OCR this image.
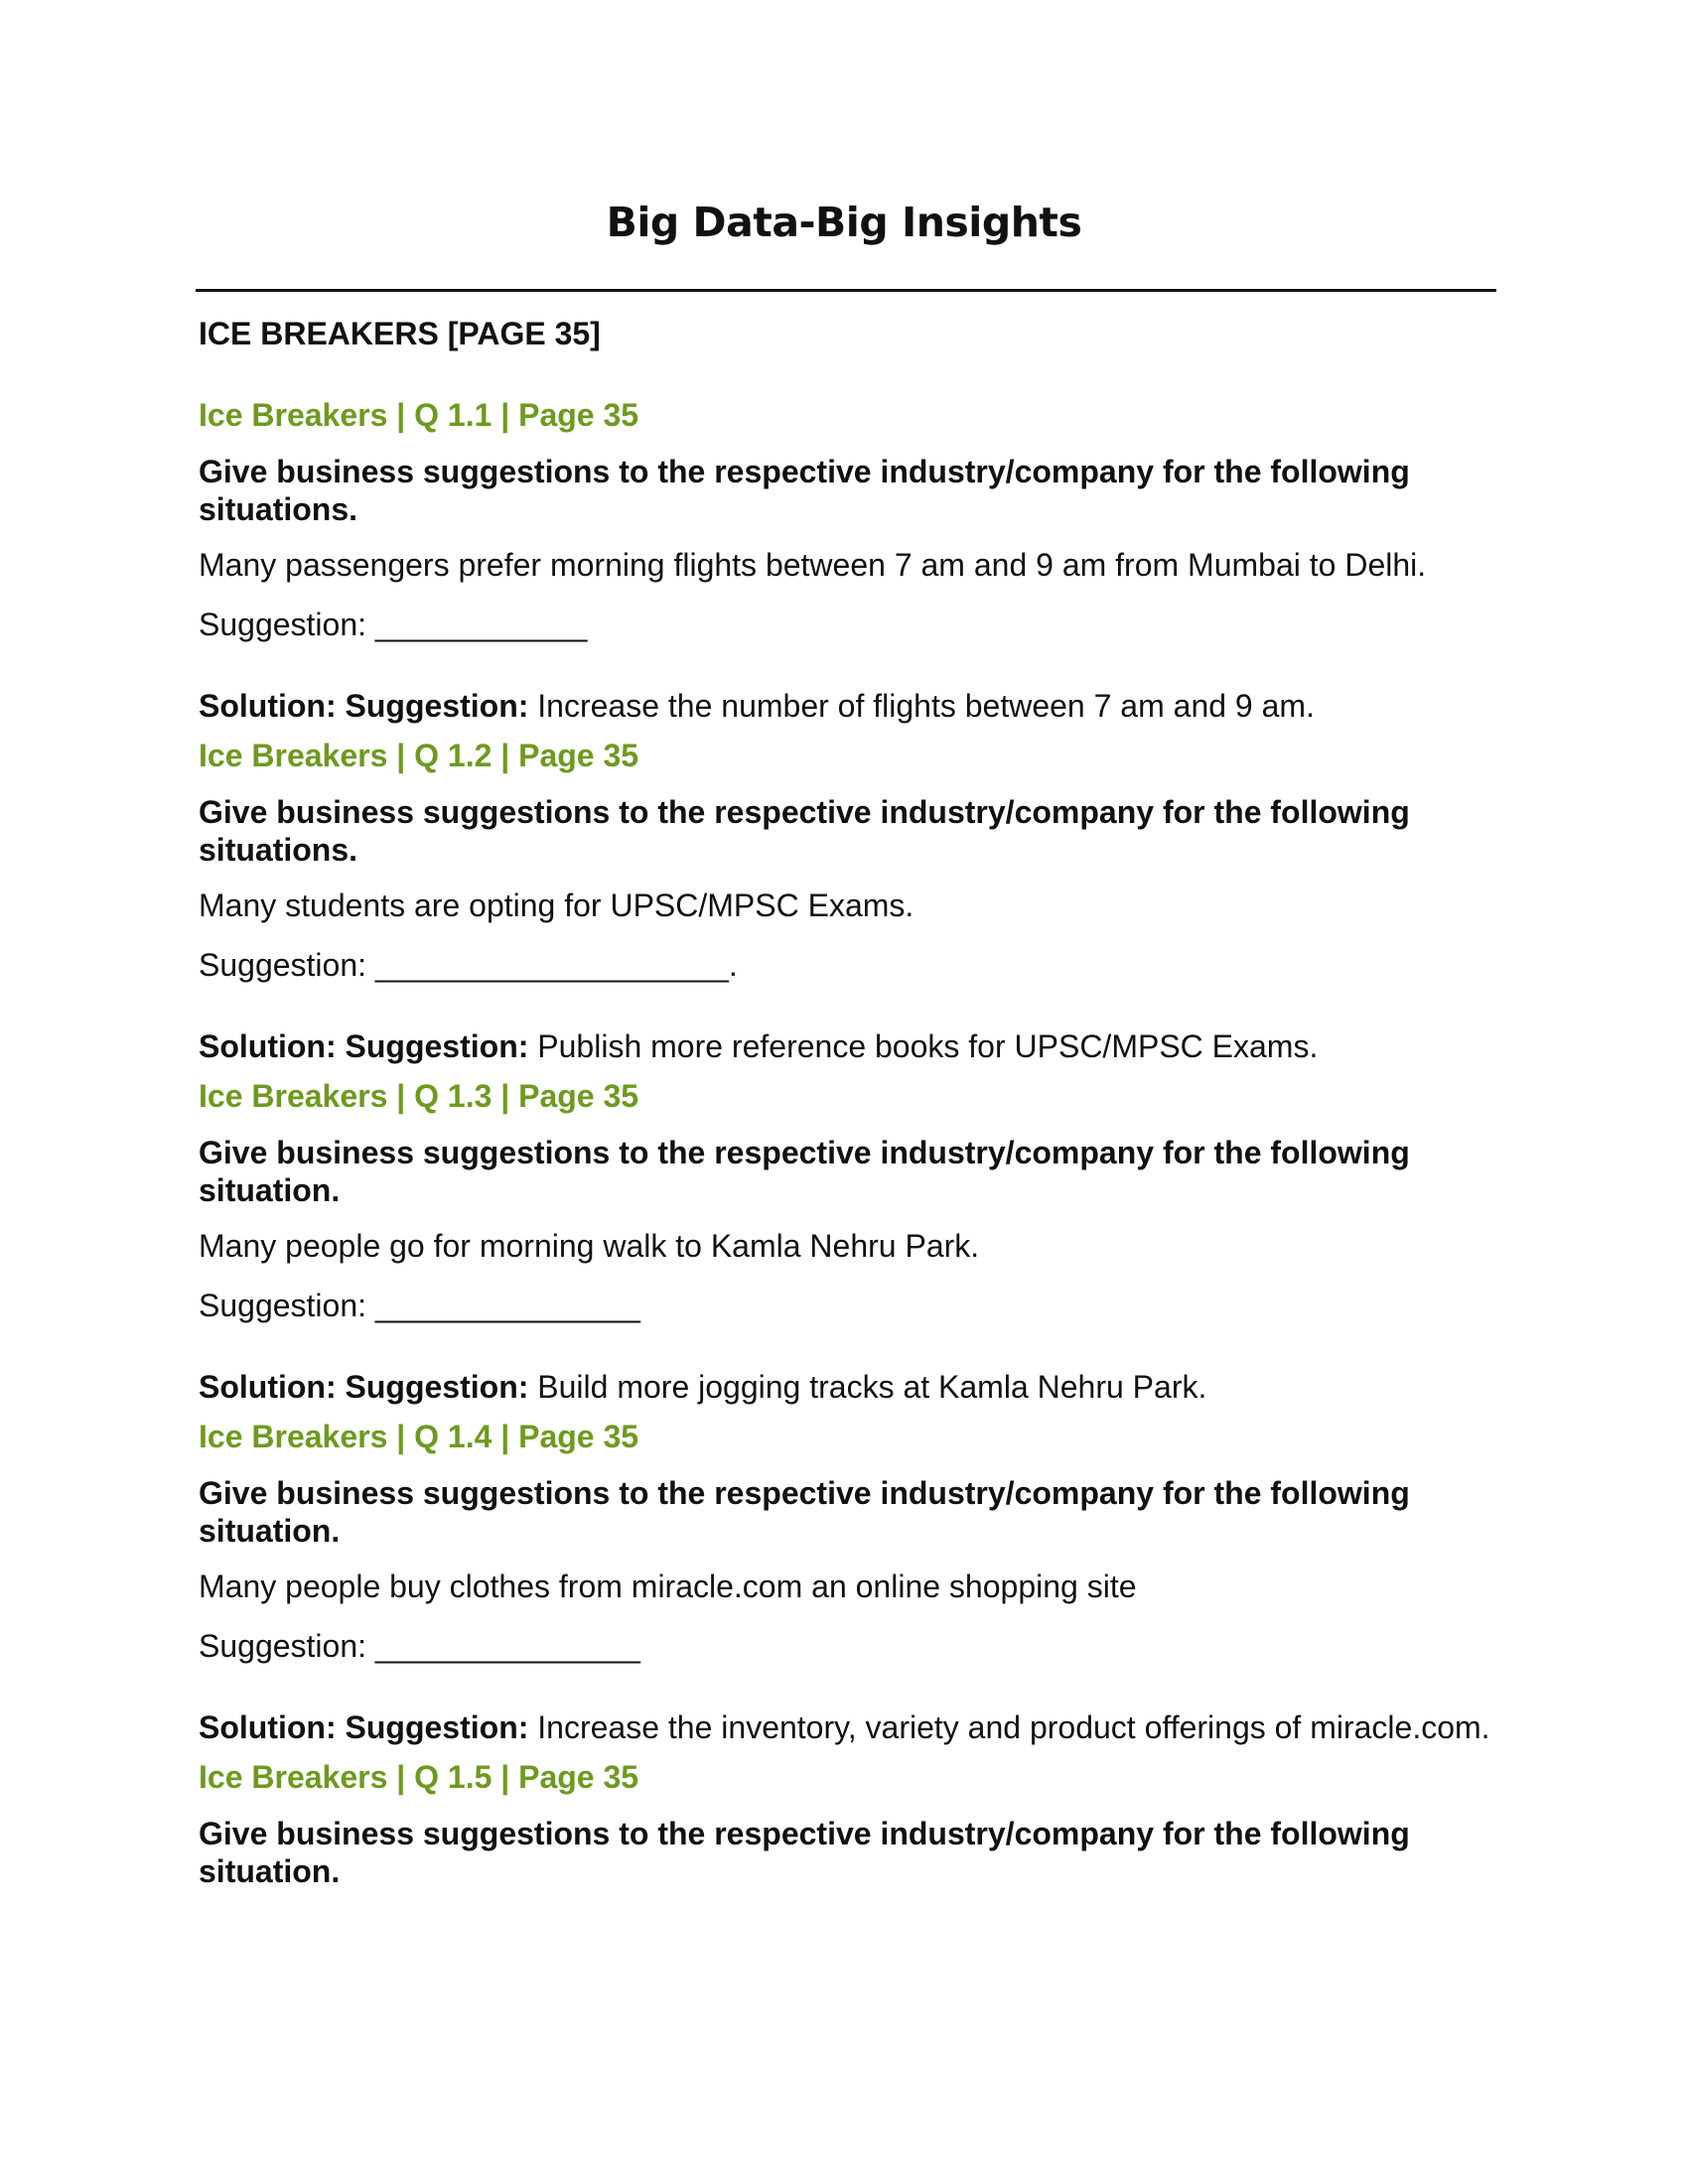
Big Data-Big Insights
ICE BREAKERS [PAGE 35]
Ice Breakers | Q 1.1 | Page 35
Give business suggestions to the respective industry/company for the following situations.
Many passengers prefer morning flights between 7 am and 9 am from Mumbai to Delhi.
Suggestion: ____________
Solution: Suggestion: Increase the number of flights between 7 am and 9 am.
Ice Breakers | Q 1.2 | Page 35
Give business suggestions to the respective industry/company for the following situations.
Many students are opting for UPSC/MPSC Exams.
Suggestion: ____________________.
Solution: Suggestion: Publish more reference books for UPSC/MPSC Exams.
Ice Breakers | Q 1.3 | Page 35
Give business suggestions to the respective industry/company for the following situation.
Many people go for morning walk to Kamla Nehru Park.
Suggestion: _______________
Solution: Suggestion: Build more jogging tracks at Kamla Nehru Park.
Ice Breakers | Q 1.4 | Page 35
Give business suggestions to the respective industry/company for the following situation.
Many people buy clothes from miracle.com an online shopping site
Suggestion: _______________
Solution: Suggestion: Increase the inventory, variety and product offerings of miracle.com.
Ice Breakers | Q 1.5 | Page 35
Give business suggestions to the respective industry/company for the following situation.
